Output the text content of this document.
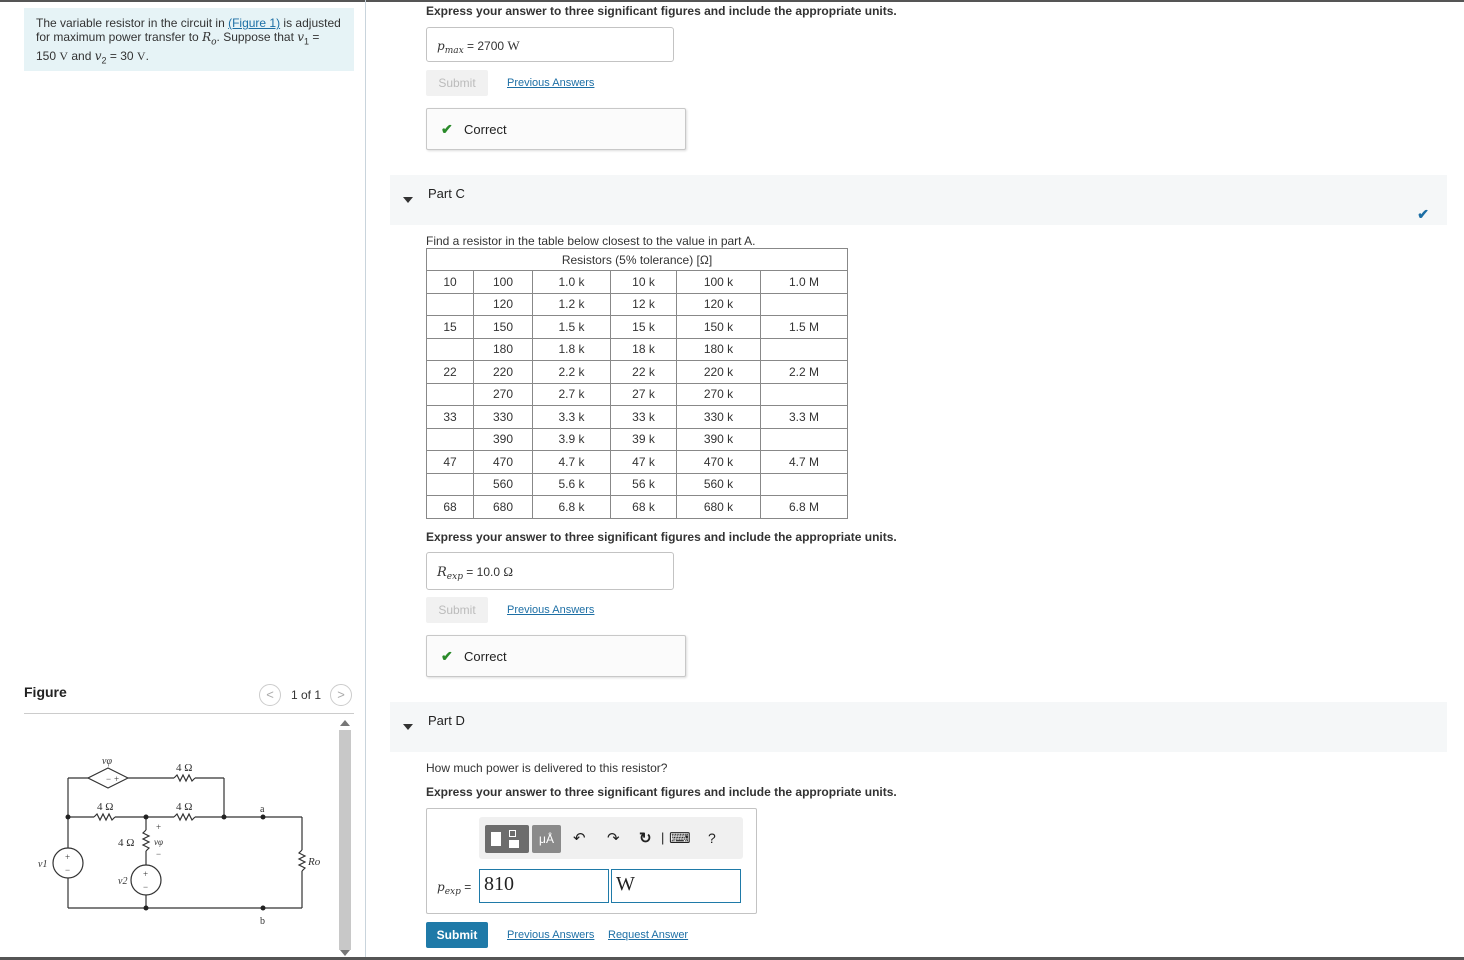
The variable resistor in the circuit in (Figure 1) is adjusted for maximum power transfer to $R_o$. Suppose that $v_1 = 150$ V and $v_2 = 30$ V.
Figure	<	1 of 1	>
− +
vφ
4 Ω
4 Ω	4 Ω
4 Ω
+
vφ
−
a
b
v1
+
−
v2
+
−
Ro
Express your answer to three significant figures and include the appropriate units.
$p_{max} = 2700$ W
Submit	Previous Answers
✔ Correct
Part C
✔
Find a resistor in the table below closest to the value in part A.
Resistors (5% tolerance) [Ω]					
10	100	1.0 k	10 k	100 k	1.0 M
	120	1.2 k	12 k	120 k	
15	150	1.5 k	15 k	150 k	1.5 M
	180	1.8 k	18 k	180 k	
22	220	2.2 k	22 k	220 k	2.2 M
	270	2.7 k	27 k	270 k	
33	330	3.3 k	33 k	330 k	3.3 M
	390	3.9 k	39 k	390 k	
47	470	4.7 k	47 k	470 k	4.7 M
	560	5.6 k	56 k	560 k	
68	680	6.8 k	68 k	680 k	6.8 M
Express your answer to three significant figures and include the appropriate units.
$R_{exp} = 10.0$ Ω
Submit	Previous Answers
✔ Correct
Part D
How much power is delivered to this resistor?
Express your answer to three significant figures and include the appropriate units.
μÅ	↶ ↷ ↻ | ⌨ ?
$p_{exp} = 810$	W
Submit	Previous Answers Request Answer
